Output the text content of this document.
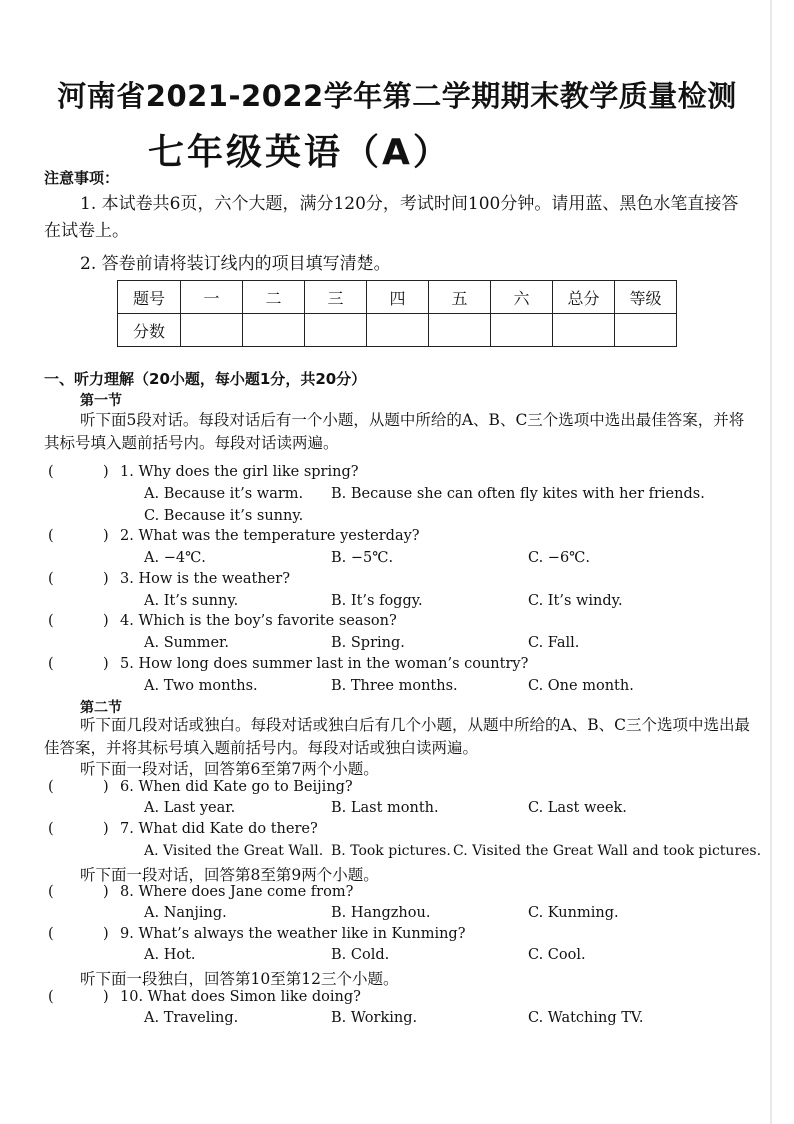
河南省2021-2022学年第二学期期末教学质量检测
七年级英语（A）
注意事项：
1. 本试卷共6页，六个大题，满分120分，考试时间100分钟。请用蓝、黑色水笔直接答在试卷上。
2. 答卷前请将装订线内的项目填写清楚。
题号	一	二	三	四	五	六	总分	等级
分数								
一、听力理解（20小题，每小题1分，共20分）
第一节
听下面5段对话。每段对话后有一个小题，从题中所给的A、B、C三个选项中选出最佳答案，并将其标号填入题前括号内。每段对话读两遍。
(	) 1. Why does the girl like spring?
A. Because it’s warm. B. Because she can often fly kites with her friends.
C. Because it’s sunny.
(	) 2. What was the temperature yesterday?
A. −4℃.	B. −5℃.	C. −6℃.
(	) 3. How is the weather?
A. It’s sunny.	B. It’s foggy.	C. It’s windy.
(	) 4. Which is the boy’s favorite season?
A. Summer.	B. Spring.	C. Fall.
(	) 5. How long does summer last in the woman’s country?
A. Two months.	B. Three months.	C. One month.
第二节
听下面几段对话或独白。每段对话或独白后有几个小题，从题中所给的A、B、C三个选项中选出最佳答案，并将其标号填入题前括号内。每段对话或独白读两遍。
听下面一段对话，回答第6至第7两个小题。
(	) 6. When did Kate go to Beijing?
A. Last year.	B. Last month.	C. Last week.
(	) 7. What did Kate do there?
A. Visited the Great Wall. B. Took pictures. C. Visited the Great Wall and took pictures.
听下面一段对话，回答第8至第9两个小题。
(	) 8. Where does Jane come from?
A. Nanjing.	B. Hangzhou.	C. Kunming.
(	) 9. What’s always the weather like in Kunming?
A. Hot.	B. Cold.	C. Cool.
听下面一段独白，回答第10至第12三个小题。
(	) 10. What does Simon like doing?
A. Traveling.	B. Working.	C. Watching TV.
